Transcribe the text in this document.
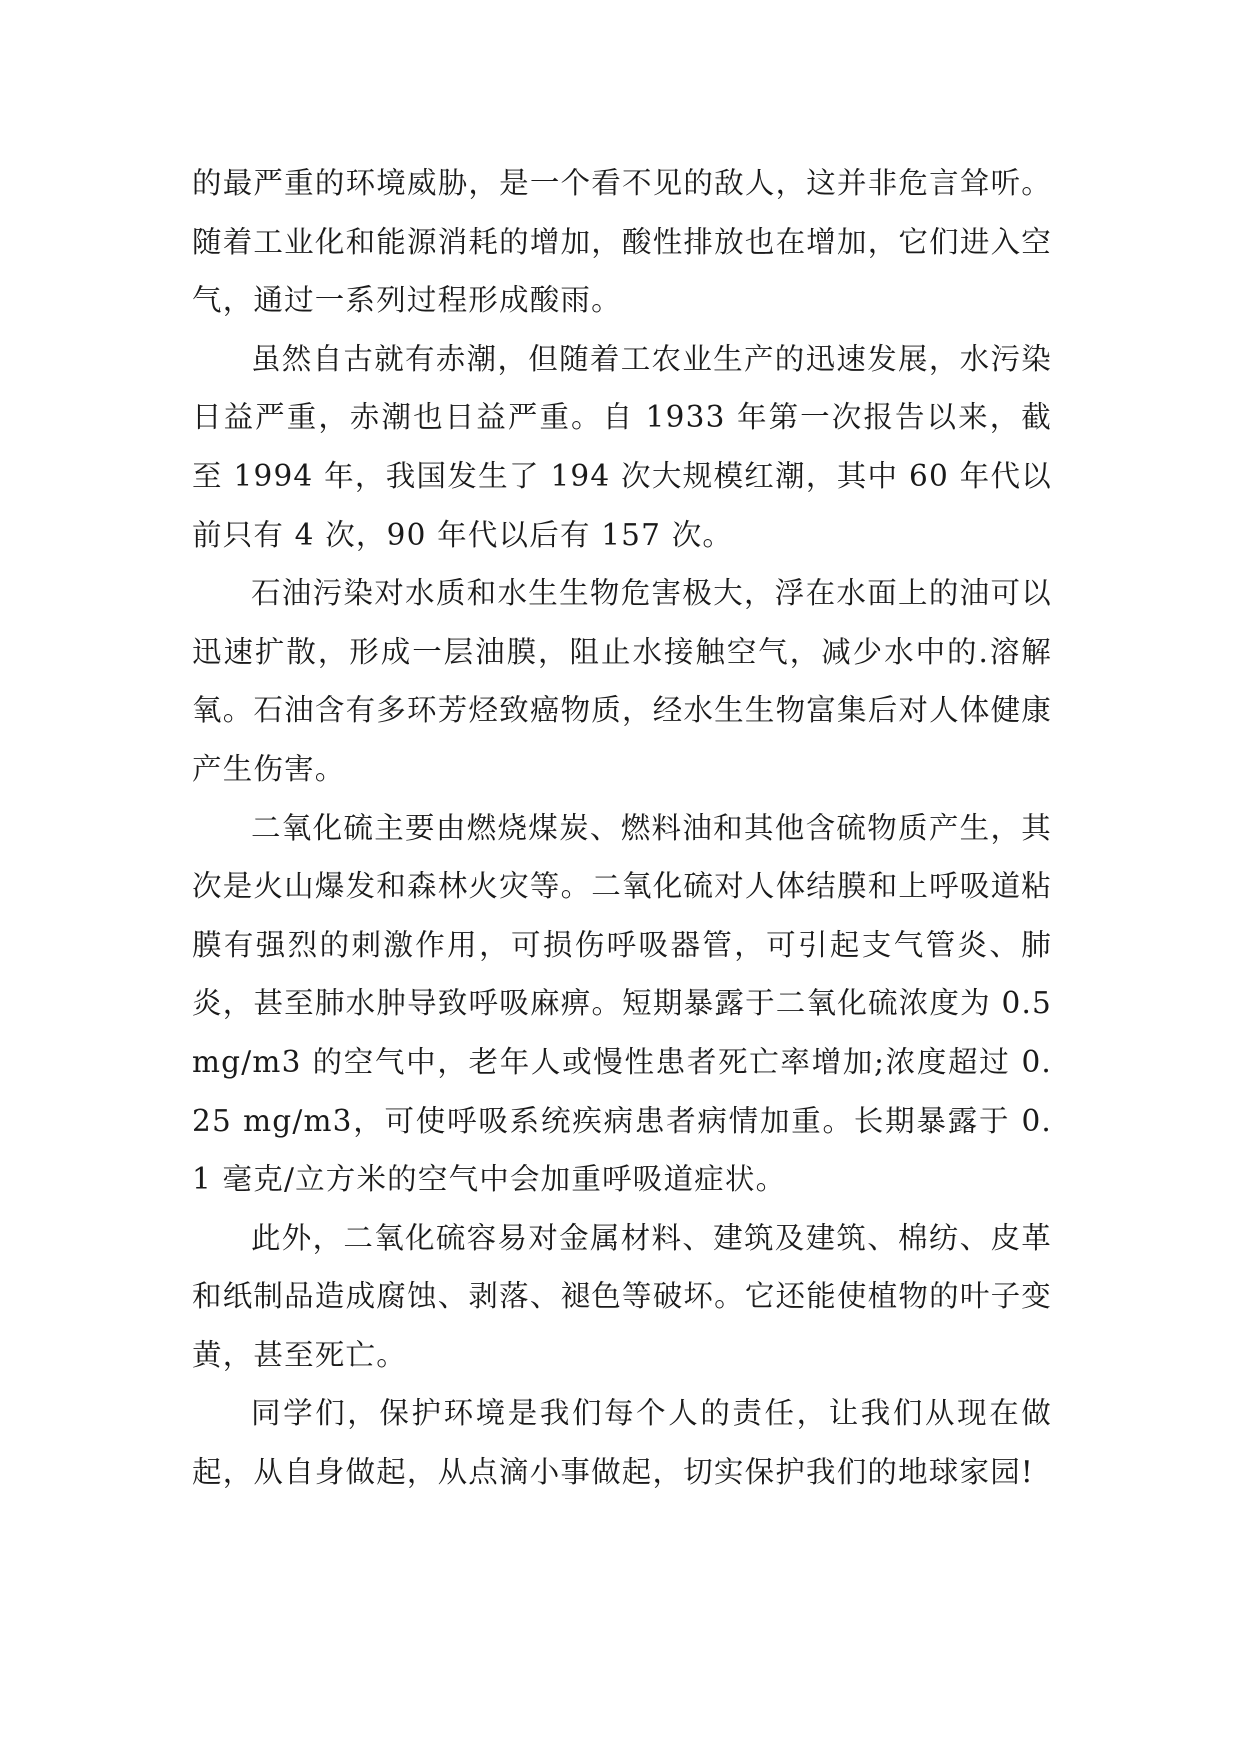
的最严重的环境威胁，是一个看不见的敌人，这并非危言耸听。随着工业化和能源消耗的增加，酸性排放也在增加，它们进入空气，通过一系列过程形成酸雨。

虽然自古就有赤潮，但随着工农业生产的迅速发展，水污染日益严重，赤潮也日益严重。自 1933 年第一次报告以来，截至 1994 年，我国发生了 194 次大规模红潮，其中 60 年代以前只有 4 次，90 年代以后有 157 次。

石油污染对水质和水生生物危害极大，浮在水面上的油可以迅速扩散，形成一层油膜，阻止水接触空气，减少水中的.溶解氧。石油含有多环芳烃致癌物质，经水生生物富集后对人体健康产生伤害。

二氧化硫主要由燃烧煤炭、燃料油和其他含硫物质产生，其次是火山爆发和森林火灾等。二氧化硫对人体结膜和上呼吸道粘膜有强烈的刺激作用，可损伤呼吸器管，可引起支气管炎、肺炎，甚至肺水肿导致呼吸麻痹。短期暴露于二氧化硫浓度为 0.5 mg/m3 的空气中，老年人或慢性患者死亡率增加;浓度超过 0.25 mg/m3，可使呼吸系统疾病患者病情加重。长期暴露于 0.1 毫克/立方米的空气中会加重呼吸道症状。

此外，二氧化硫容易对金属材料、建筑及建筑、棉纺、皮革和纸制品造成腐蚀、剥落、褪色等破坏。它还能使植物的叶子变黄，甚至死亡。

同学们，保护环境是我们每个人的责任，让我们从现在做起，从自身做起，从点滴小事做起，切实保护我们的地球家园!
